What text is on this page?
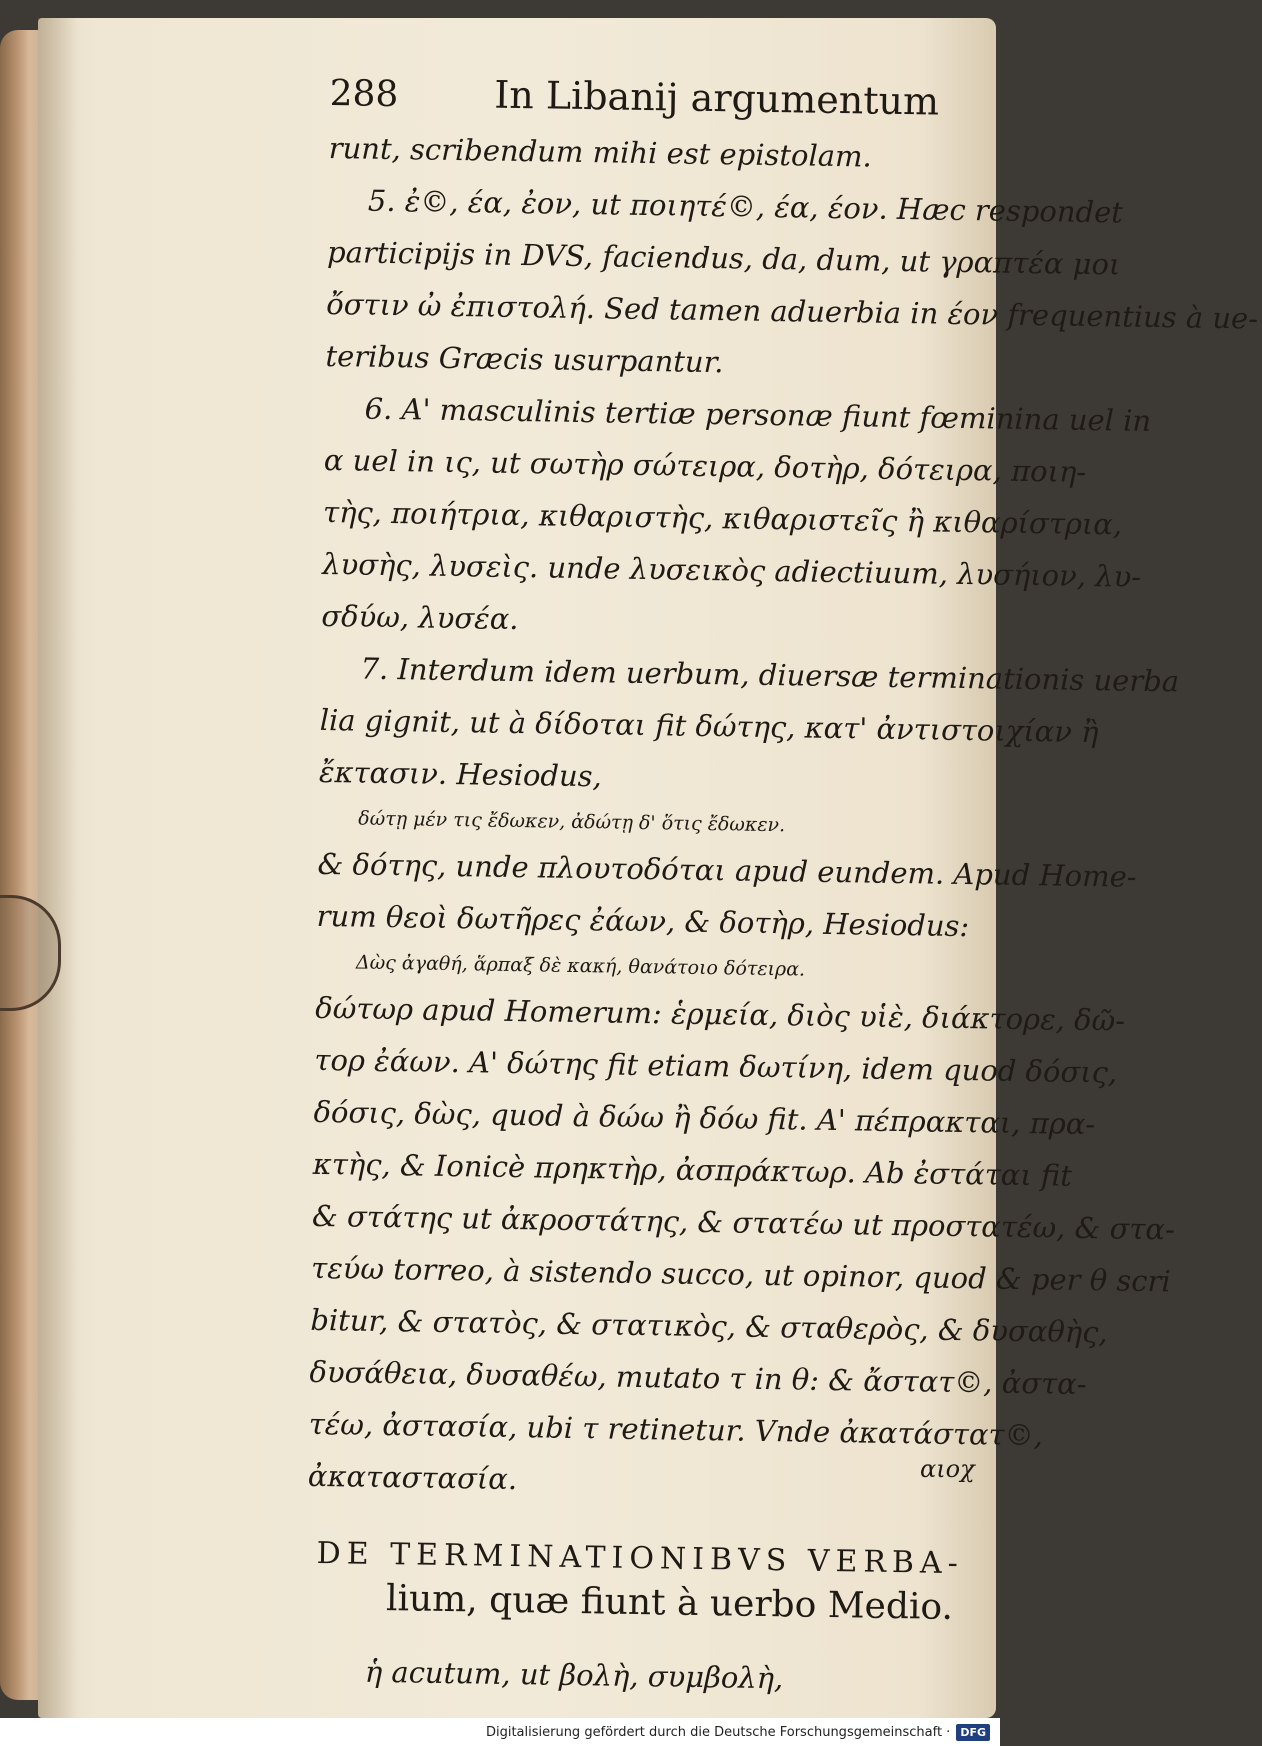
288	In Libanij argumentum
runt, scribendum mihi est epistolam.
5. ἐ©, έα, ἐον, ut ποιητέ©, έα, έον. Hæc respondet
participijs in DVS, faciendus, da, dum, ut γραπτέα μοι
ὄστιν ὠ ἐπιστολή. Sed tamen aduerbia in έον frequentius à ue-
teribus Græcis usurpantur.
6. A' masculinis tertiæ personæ fiunt fœminina uel in
α uel in ις, ut σωτὴρ σώτειρα, δοτὴρ, δότειρα, ποιη-
τὴς, ποιήτρια, κιθαριστὴς, κιθαριστεῖς ἢ κιθαρίστρια,
λυσὴς, λυσεὶς. unde λυσεικὸς adiectiuum, λυσήιον, λυ-
σδύω, λυσέα.
7. Interdum idem uerbum, diuersæ terminationis uerba
lia gignit, ut à δίδοται fit δώτης, κατ' ἀντιστοιχίαν ἢ
ἔκτασιν. Hesiodus,
δώτῃ μέν τις ἔδωκεν, ἀδώτῃ δ' ὅτις ἔδωκεν.
& δότης, unde πλουτοδόται apud eundem. Apud Home-
rum θεοὶ δωτῆρες ἐάων, & δοτὴρ, Hesiodus:
Δὼς ἀγαθή, ἅρπαξ δὲ κακή, θανάτοιο δότειρα.
δώτωρ apud Homerum: ἑρμεία, διὸς υἱὲ, διάκτορε, δῶ-
τορ ἐάων. A' δώτης fit etiam δωτίνη, idem quod δόσις,
δόσις, δὼς, quod à δώω ἢ δόω fit. A' πέπρακται, πρα-
κτὴς, & Ionicè πρηκτὴρ, ἀσπράκτωρ. Ab ἐστάται fit
& στάτης ut ἀκροστάτης, & στατέω ut προστατέω, & στα-
τεύω torreo, à sistendo succo, ut opinor, quod & per θ scri
bitur, & στατὸς, & στατικὸς, & σταθερὸς, & δυσαθὴς,
δυσάθεια, δυσαθέω, mutato τ in θ: & ἄστατ©, ἀστα-
τέω, ἀστασία, ubi τ retinetur. Vnde ἀκατάστατ©,
ἀκαταστασία.
DE TERMINATIONIBVS VERBA-
lium, quæ fiunt à uerbo Medio.
ἡ acutum, ut βολὴ, συμβολὴ,
αιοχ
Digitalisierung gefördert durch die Deutsche Forschungsgemeinschaft · DFG
